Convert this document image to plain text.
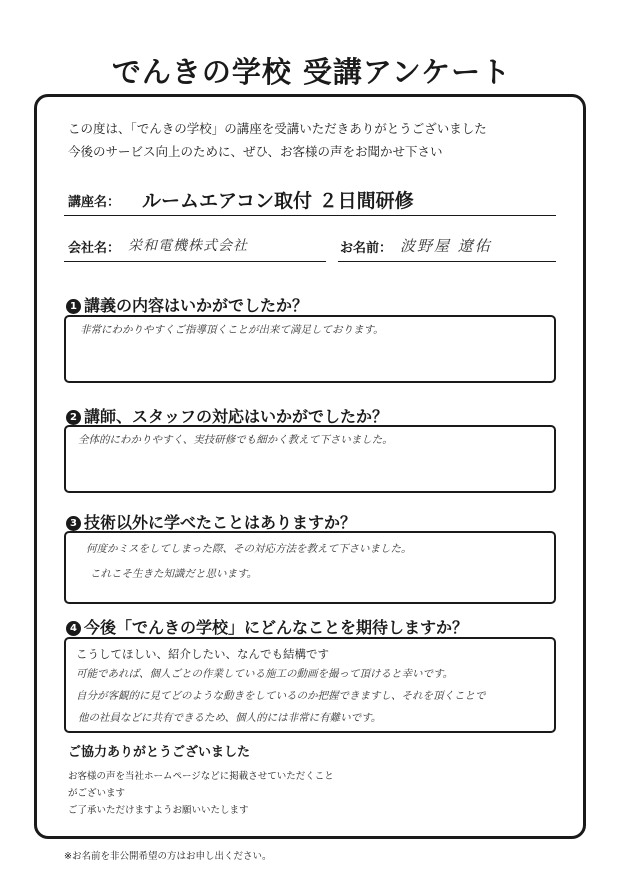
でんきの学校 受講アンケート
この度は、「でんきの学校」の講座を受講いただきありがとうございました
今後のサービス向上のために、ぜひ、お客様の声をお聞かせ下さい
講座名： ルームエアコン取付 ２日間研修
会社名： 栄和電機株式会社	お名前： 波野屋 遼佑
1 講義の内容はいかがでしたか？
非常にわかりやすくご指導頂くことが出来て満足しております。
2 講師、スタッフの対応はいかがでしたか？
全体的にわかりやすく、実技研修でも細かく教えて下さいました。
3 技術以外に学べたことはありますか？
何度かミスをしてしまった際、その対応方法を教えて下さいました。
これこそ生きた知識だと思います。
4 今後「でんきの学校」にどんなことを期待しますか？
こうしてほしい、紹介したい、なんでも結構です
可能であれば、個人ごとの作業している施工の動画を撮って頂けると幸いです。
自分が客観的に見てどのような動きをしているのか把握できますし、それを頂くことで
他の社員などに共有できるため、個人的には非常に有難いです。
ご協力ありがとうございました
お客様の声を当社ホームページなどに掲載させていただくこと
がございます
ご了承いただけますようお願いいたします
※お名前を非公開希望の方はお申し出ください。
